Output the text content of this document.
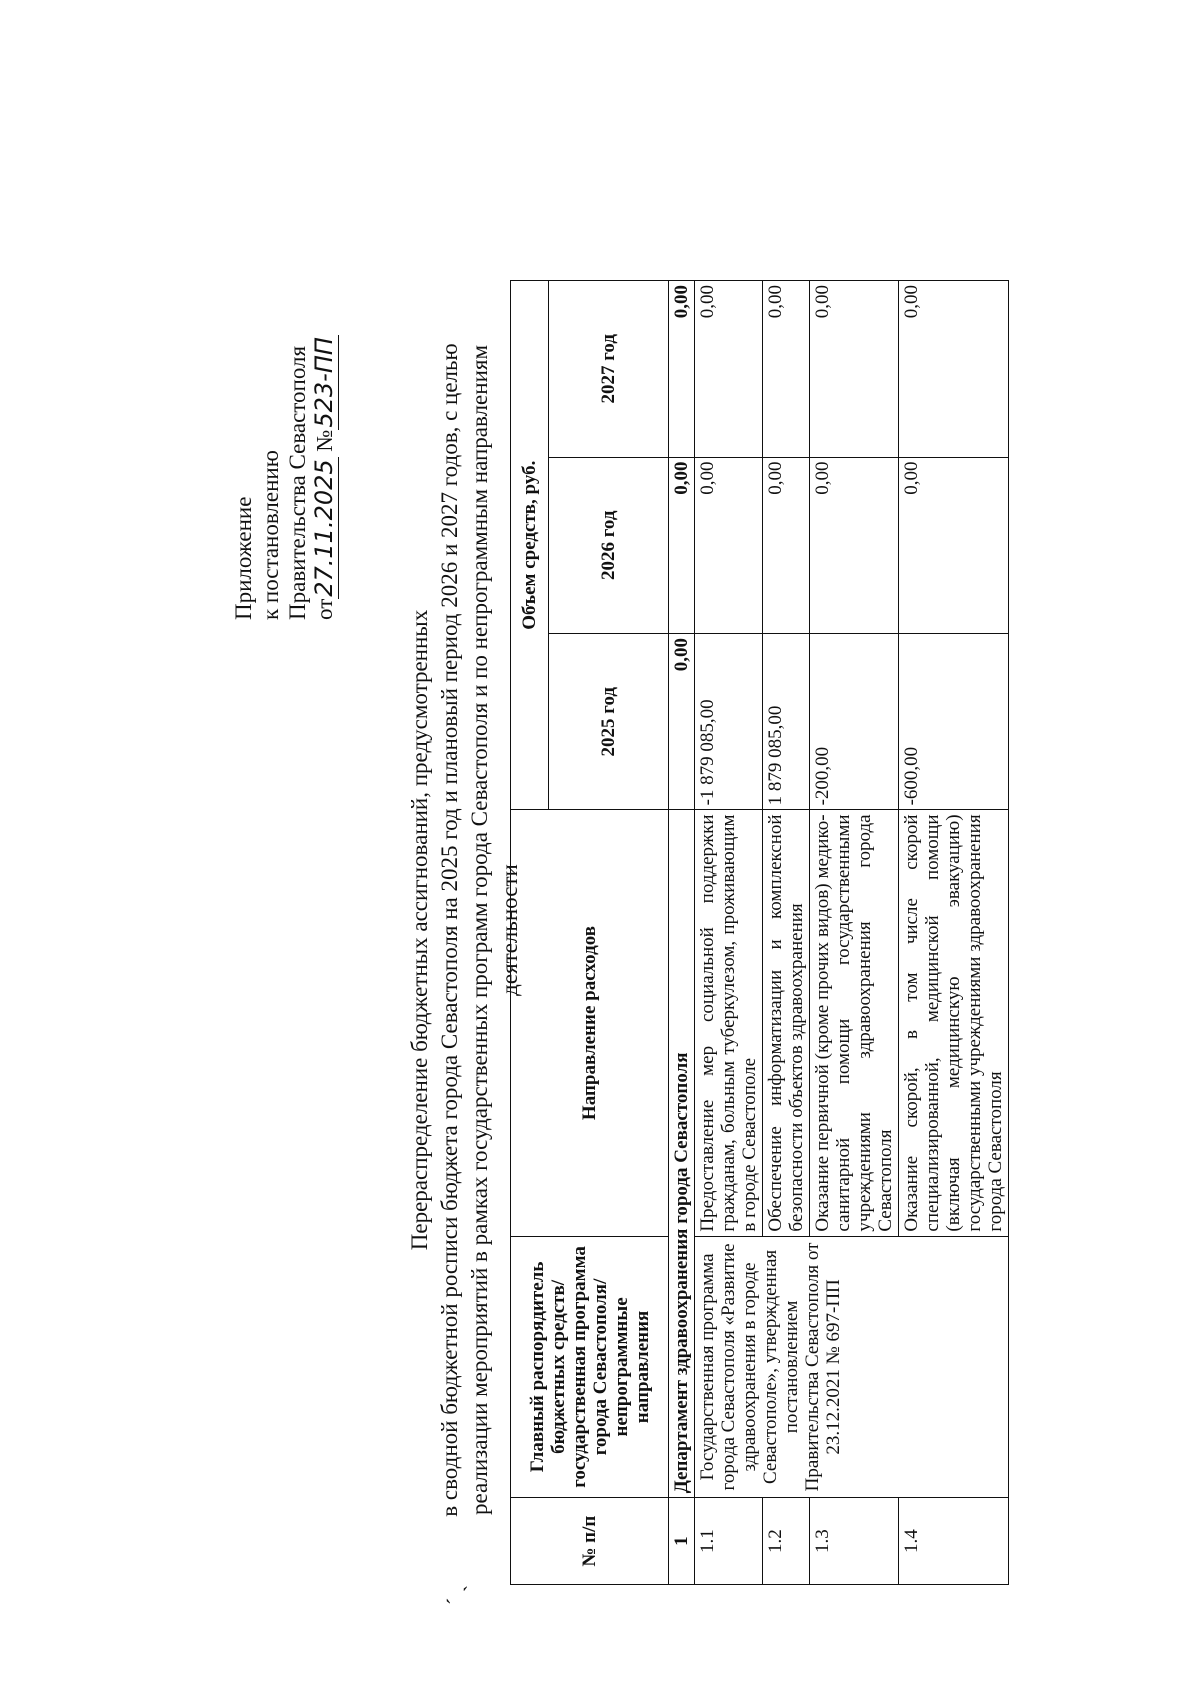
ˊ ˏ
Приложение к постановлению Правительства Севастополя от27.11.2025 №523-ПП
Перераспределение бюджетных ассигнований, предусмотренных в сводной бюджетной росписи бюджета города Севастополя на 2025 год и плановый период 2026 и 2027 годов, с целью реализации мероприятий в рамках государственных программ города Севастополя и по непрограммным направлениям деятельности
№ п/п	Главный распорядитель бюджетных средств/государственная программа города Севастополя/непрограммные направления	Направление расходов	Объем средств, руб.		
			2025 год	2026 год	2027 год
1	Департамент здравоохранения города Севастополя		0,00	0,00	0,00
1.1	Государственная программа города Севастополя «Развитие здравоохранения в городе Севастополе», утвержденная постановлением Правительства Севастополя от 23.12.2021 № 697-ПП	Предоставление мер социальной поддержки гражданам, больным туберкулезом, проживающим в городе Севастополе	-1 879 085,00	0,00	0,00
1.2		Обеспечение информатизации и комплексной безопасности объектов здравоохранения	1 879 085,00	0,00	0,00
1.3		Оказание первичной (кроме прочих видов) медико-санитарной помощи государственными учреждениями здравоохранения города Севастополя	-200,00	0,00	0,00
1.4		Оказание скорой, в том числе скорой специализированной, медицинской помощи (включая медицинскую эвакуацию) государственными учреждениями здравоохранения города Севастополя	-600,00	0,00	0,00
